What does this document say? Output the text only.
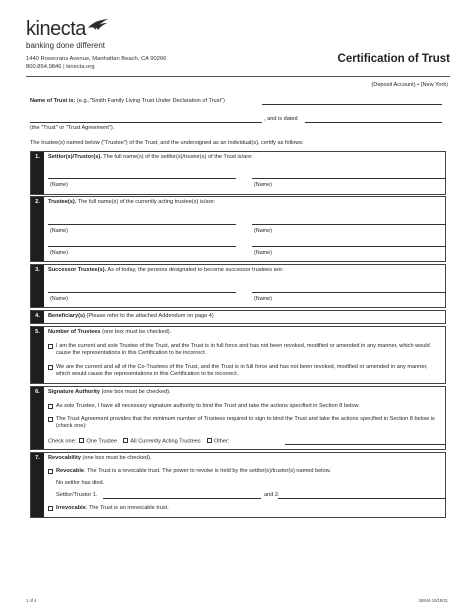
kinecta
banking done different
1440 Rosecrans Avenue, Manhattan Beach, CA 90266
800.854.9846 | kinecta.org
Certification of Trust
(Deposit Account) • (New York)
Name of Trust is: (e.g.,"Smith Family Living Trust Under Declaration of Trust")
, and is dated
(the "Trust" or "Trust Agreement").
The trustee(s) named below ("Trustee") of the Trust, and the undersigned as an individual(s), certify as follows:
1.	Settlor(s)/Trustor(s). The full name(s) of the settlor(s)/trustor(s) of the Trust is/are:
(Name)	(Name)
2.	Trustee(s). The full name(s) of the currently acting trustee(s) is/are:
(Name)	(Name)
(Name)	(Name)
3.	Successor Trustee(s). As of today, the persons designated to become successor trustees are:
(Name)	(Name)
4.	Beneficiary(s) (Please refer to the attached Addendum on page 4)
5.	Number of Trustees (one box must be checked).
I am the current and sole Trustee of the Trust, and the Trust is in full force and has not been revoked, modified or amended in any manner, which would cause the representations in this Certification to be incorrect.
We are the current and all of the Co-Trustees of the Trust, and the Trust is in full force and has not been revoked, modified or amended in any manner, which would cause the representations in this Certification to be incorrect.
6.	Signature Authority (one box must be checked).
As sole Trustee, I have all necessary signature authority to bind the Trust and take the actions specified in Section 8 below.
The Trust Agreement provides that the minimum number of Trustees required to sign to bind the Trust and take the actions specified in Section 8 below is (check one):
Check one: One Trustee All Currently Acting Trustees Other:
7.	Revocability (one box must be checked).
Revocable. The Trust is a revocable trust. The power to revoke is held by the settlor(s)/trustor(s) named below.
No settlor has died.
Settlor/Trustor 1.	and 2.
Irrevocable. The Trust is an irrevocable trust.
1 of 4	26844-10/19/21
